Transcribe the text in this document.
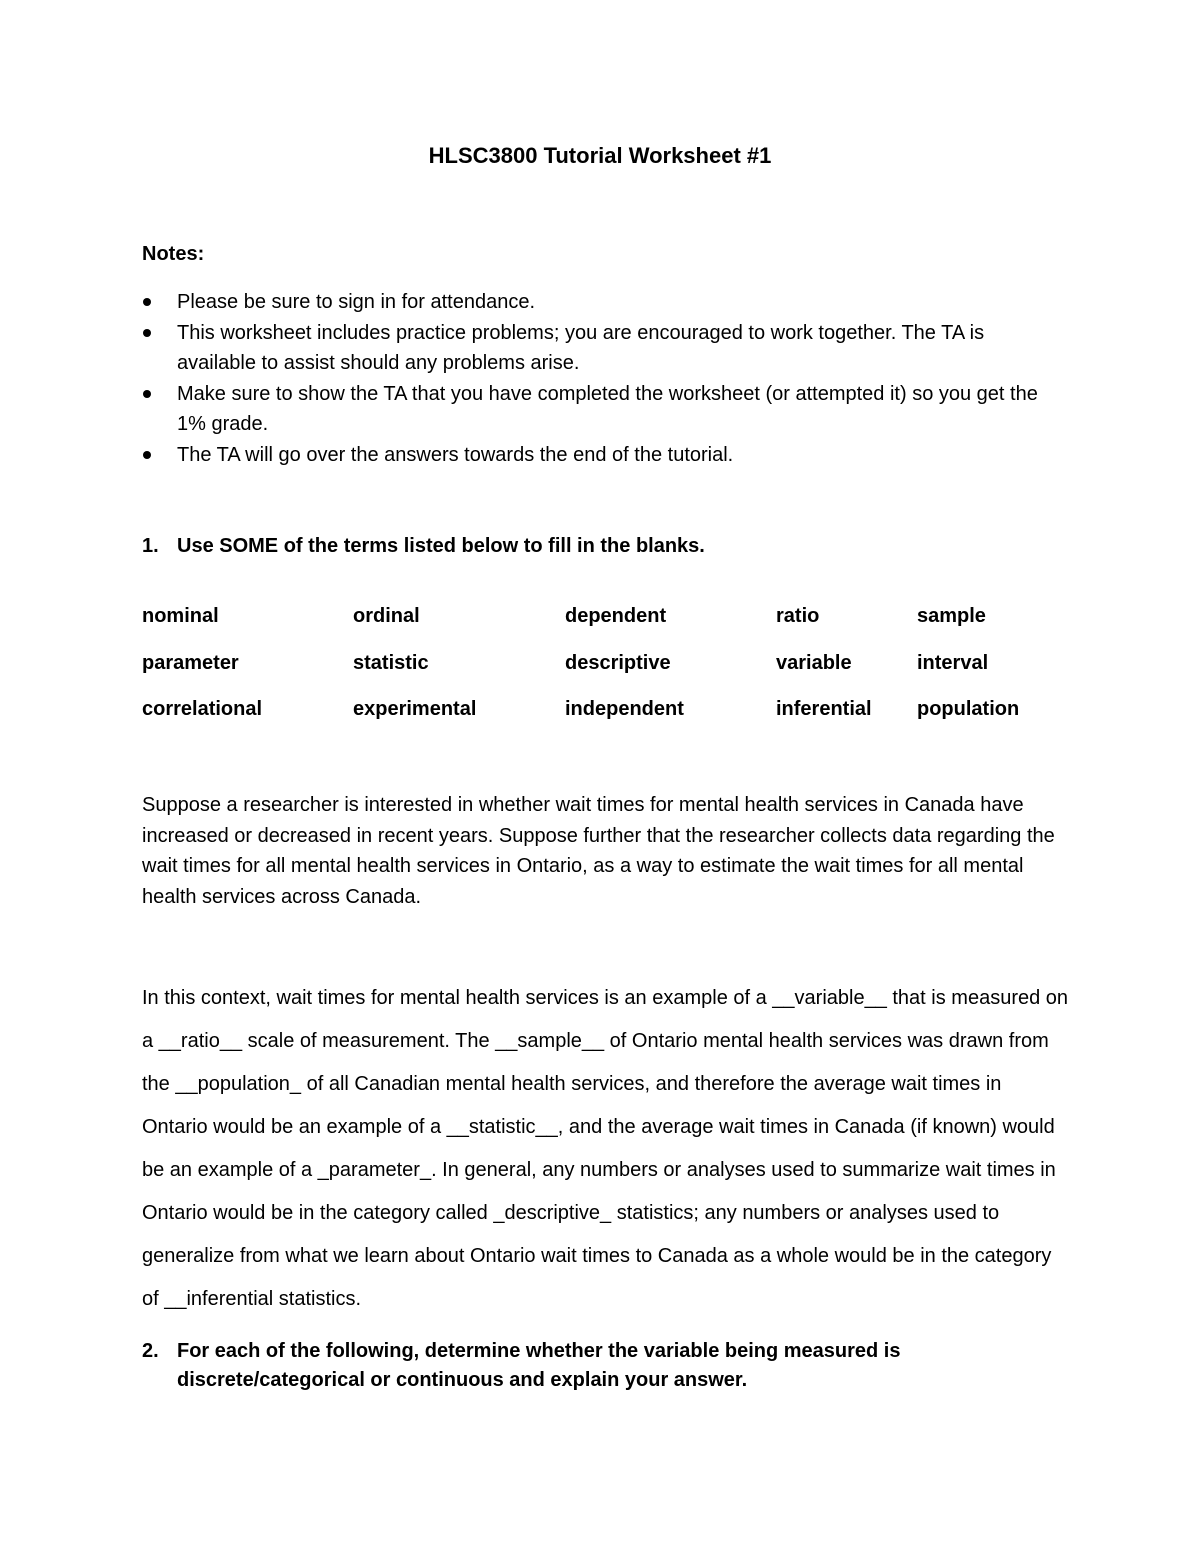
HLSC3800 Tutorial Worksheet #1
Notes:
Please be sure to sign in for attendance.
This worksheet includes practice problems; you are encouraged to work together. The TA is available to assist should any problems arise.
Make sure to show the TA that you have completed the worksheet (or attempted it) so you get the 1% grade.
The TA will go over the answers towards the end of the tutorial.
1. Use SOME of the terms listed below to fill in the blanks.
nominal	ordinal	dependent	ratio	sample
parameter	statistic	descriptive	variable	interval
correlational	experimental	independent	inferential	population

Suppose a researcher is interested in whether wait times for mental health services in Canada have increased or decreased in recent years. Suppose further that the researcher collects data regarding the wait times for all mental health services in Ontario, as a way to estimate the wait times for all mental health services across Canada.

In this context, wait times for mental health services is an example of a __variable__ that is measured on a __ratio__ scale of measurement. The __sample__ of Ontario mental health services was drawn from the __population_ of all Canadian mental health services, and therefore the average wait times in Ontario would be an example of a __statistic__, and the average wait times in Canada (if known) would be an example of a _parameter_. In general, any numbers or analyses used to summarize wait times in Ontario would be in the category called _descriptive_ statistics; any numbers or analyses used to generalize from what we learn about Ontario wait times to Canada as a whole would be in the category of __inferential statistics.

2. For each of the following, determine whether the variable being measured is discrete/categorical or continuous and explain your answer.
